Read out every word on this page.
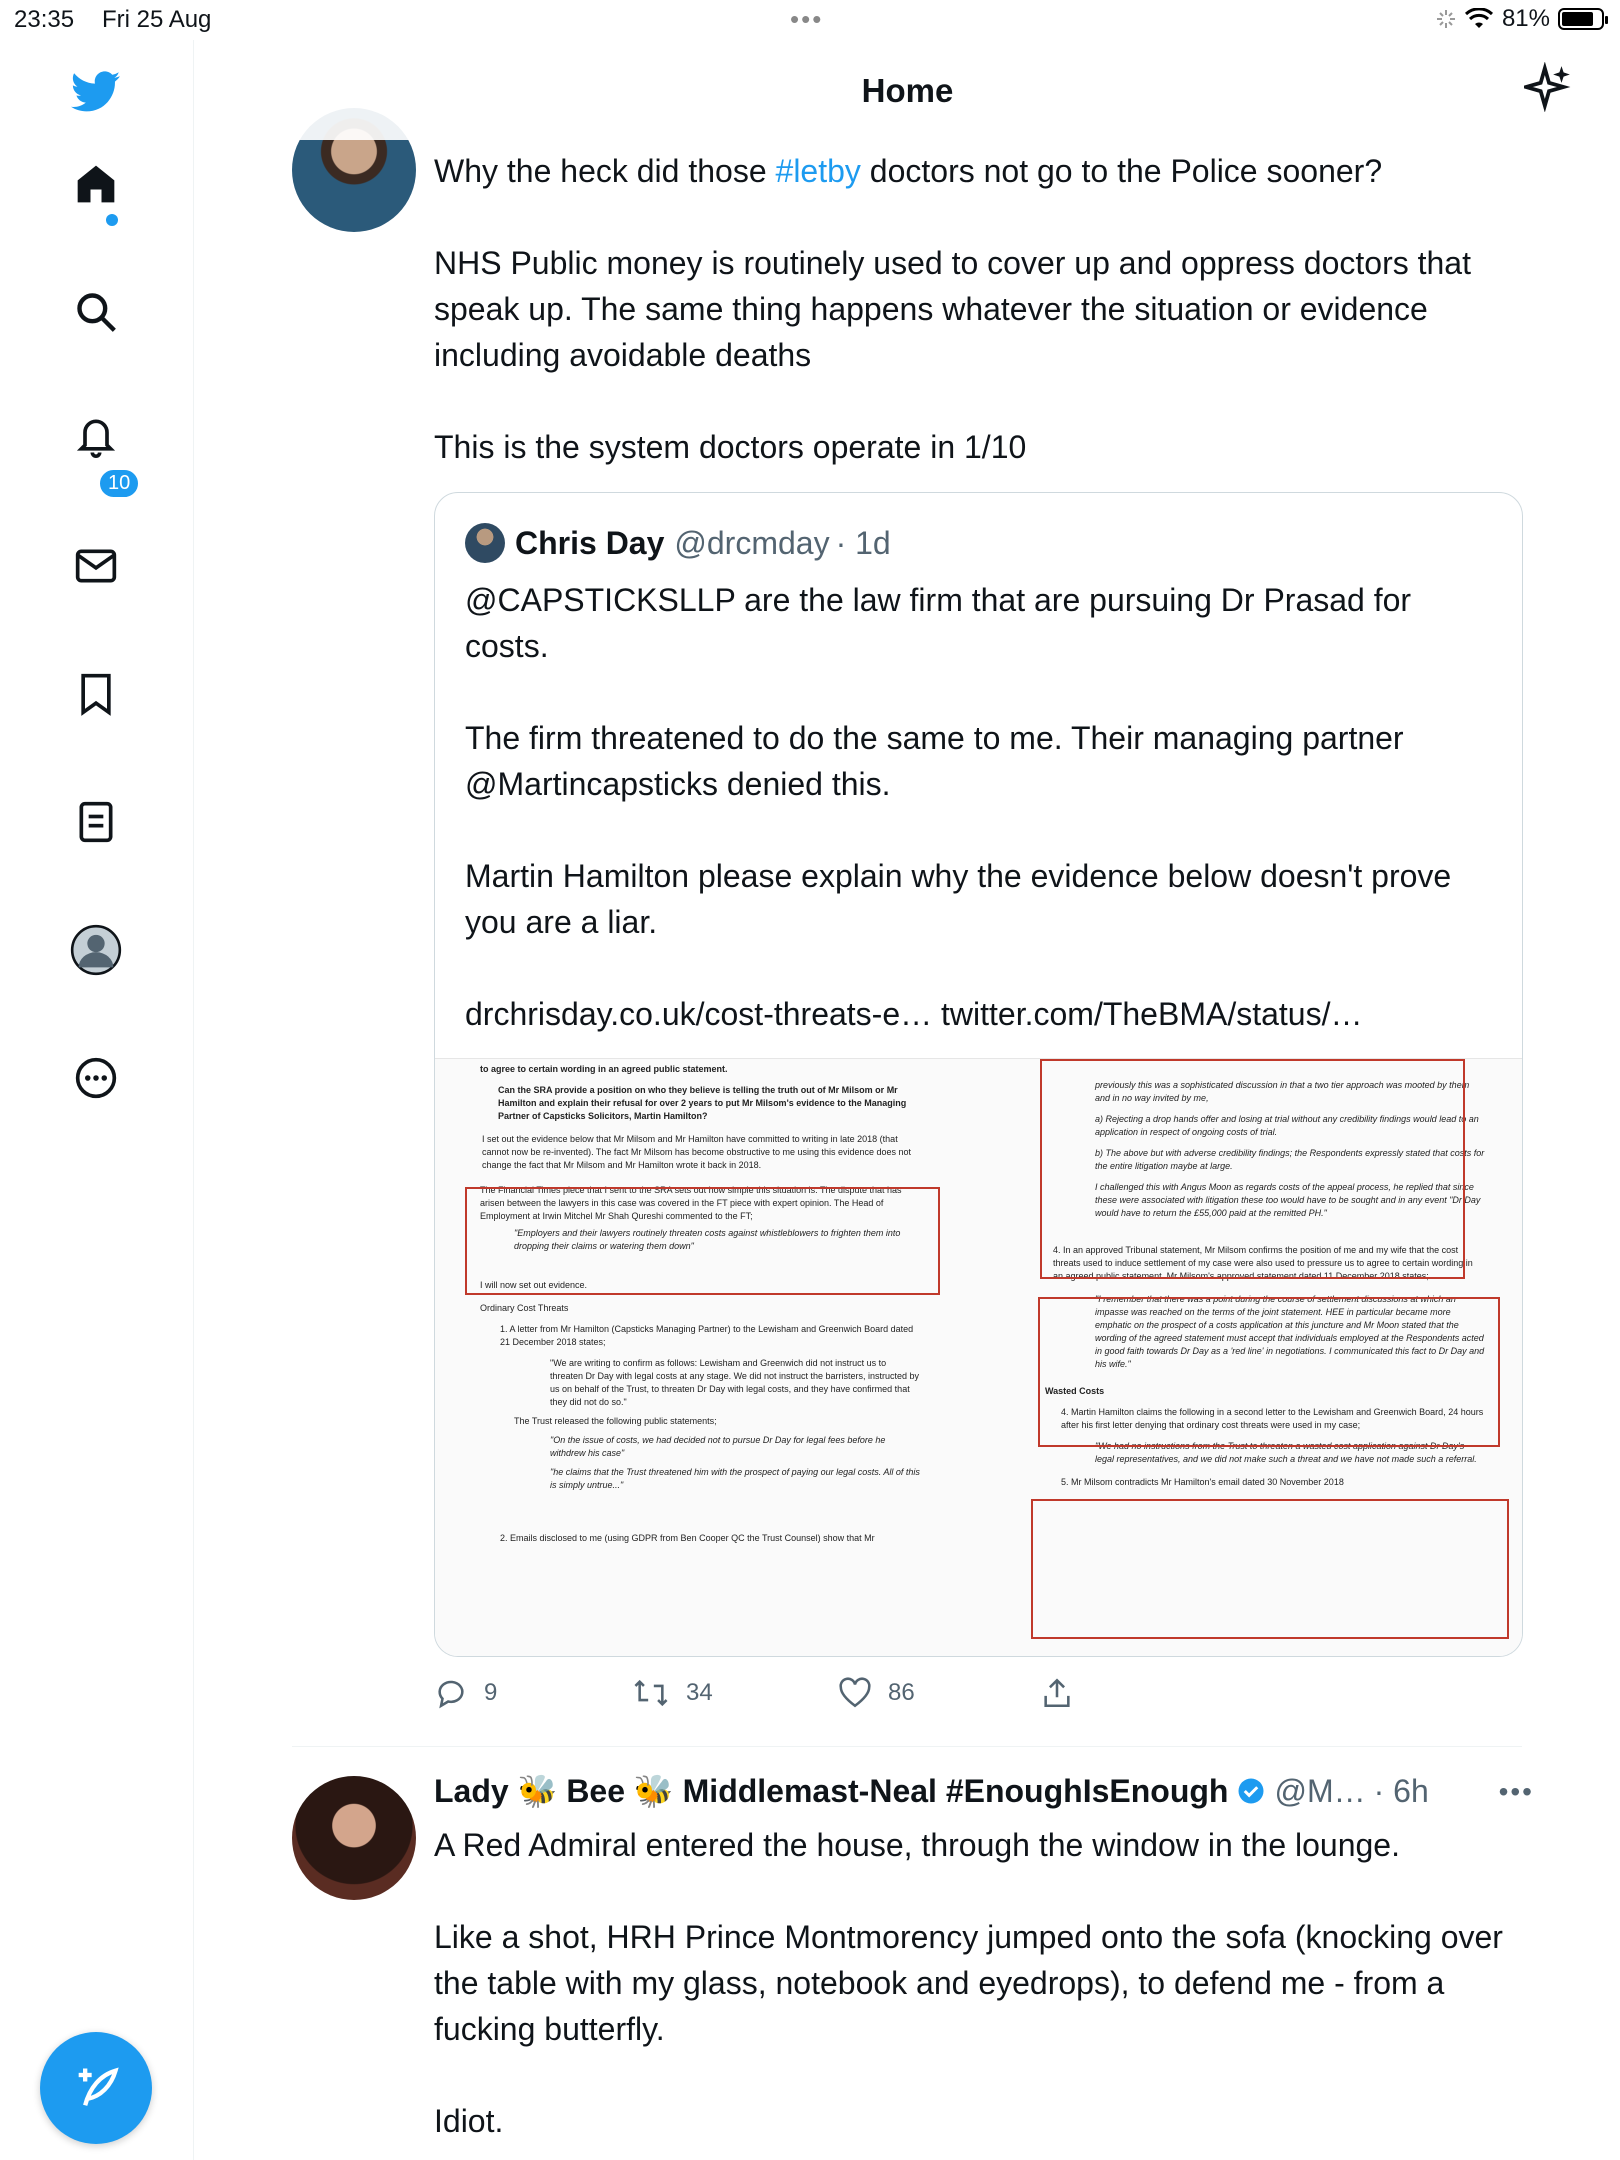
23:35 Fri 25 Aug	•••	81%
10
Home

Why the heck did those #letby doctors not go to the Police sooner?

NHS Public money is routinely used to cover up and oppress doctors that speak up. The same thing happens whatever the situation or evidence including avoidable deaths

This is the system doctors operate in 1/10

Chris Day @drcmday · 1d

@CAPSTICKSLLP are the law firm that are pursuing Dr Prasad for costs.

The firm threatened to do the same to me. Their managing partner @Martincapsticks denied this.

Martin Hamilton please explain why the evidence below doesn't prove you are a liar.

drchrisday.co.uk/cost-threats-e… twitter.com/TheBMA/status/…

to agree to certain wording in an agreed public statement.
Can the SRA provide a position on who they believe is telling the truth out of Mr Milsom or Mr Hamilton and explain their refusal for over 2 years to put Mr Milsom's evidence to the Managing Partner of Capsticks Solicitors, Martin Hamilton?
I set out the evidence below that Mr Milsom and Mr Hamilton have committed to writing in late 2018 (that cannot now be re-invented). The fact Mr Milsom has become obstructive to me using this evidence does not change the fact that Mr Milsom and Mr Hamilton wrote it back in 2018.
The Financial Times piece that I sent to the SRA sets out how simple this situation is. The dispute that has arisen between the lawyers in this case was covered in the FT piece with expert opinion. The Head of Employment at Irwin Mitchel Mr Shah Qureshi commented to the FT;
"Employers and their lawyers routinely threaten costs against whistleblowers to frighten them into dropping their claims or watering them down"
I will now set out evidence.
Ordinary Cost Threats
1. A letter from Mr Hamilton (Capsticks Managing Partner) to the Lewisham and Greenwich Board dated 21 December 2018 states;
"We are writing to confirm as follows: Lewisham and Greenwich did not instruct us to threaten Dr Day with legal costs at any stage. We did not instruct the barristers, instructed by us on behalf of the Trust, to threaten Dr Day with legal costs, and they have confirmed that they did not do so."
The Trust released the following public statements;
"On the issue of costs, we had decided not to pursue Dr Day for legal fees before he withdrew his case"
"he claims that the Trust threatened him with the prospect of paying our legal costs. All of this is simply untrue..."
2. Emails disclosed to me (using GDPR from Ben Cooper QC the Trust Counsel) show that Mr
previously this was a sophisticated discussion in that a two tier approach was mooted by them and in no way invited by me,
a) Rejecting a drop hands offer and losing at trial without any credibility findings would lead to an application in respect of ongoing costs of trial.
b) The above but with adverse credibility findings; the Respondents expressly stated that costs for the entire litigation maybe at large.
I challenged this with Angus Moon as regards costs of the appeal process, he replied that since these were associated with litigation these too would have to be sought and in any event "Dr Day would have to return the £55,000 paid at the remitted PH."
4. In an approved Tribunal statement, Mr Milsom confirms the position of me and my wife that the cost threats used to induce settlement of my case were also used to pressure us to agree to certain wording in an agreed public statement. Mr Milsom's approved statement dated 11 December 2018 states;
"I remember that there was a point during the course of settlement discussions at which an impasse was reached on the terms of the joint statement. HEE in particular became more emphatic on the prospect of a costs application at this juncture and Mr Moon stated that the wording of the agreed statement must accept that individuals employed at the Respondents acted in good faith towards Dr Day as a 'red line' in negotiations. I communicated this fact to Dr Day and his wife."
Wasted Costs
4. Martin Hamilton claims the following in a second letter to the Lewisham and Greenwich Board, 24 hours after his first letter denying that ordinary cost threats were used in my case;
"We had no instructions from the Trust to threaten a wasted cost application against Dr Day's legal representatives, and we did not make such a threat and we have not made such a referral.
5. Mr Milsom contradicts Mr Hamilton's email dated 30 November 2018
9	34	86
Lady 🐝 Bee 🐝 Middlemast-Neal #EnoughIsEnough @M… · 6h •••

A Red Admiral entered the house, through the window in the lounge.

Like a shot, HRH Prince Montmorency jumped onto the sofa (knocking over the table with my glass, notebook and eyedrops), to defend me - from a fucking butterfly.

Idiot.
